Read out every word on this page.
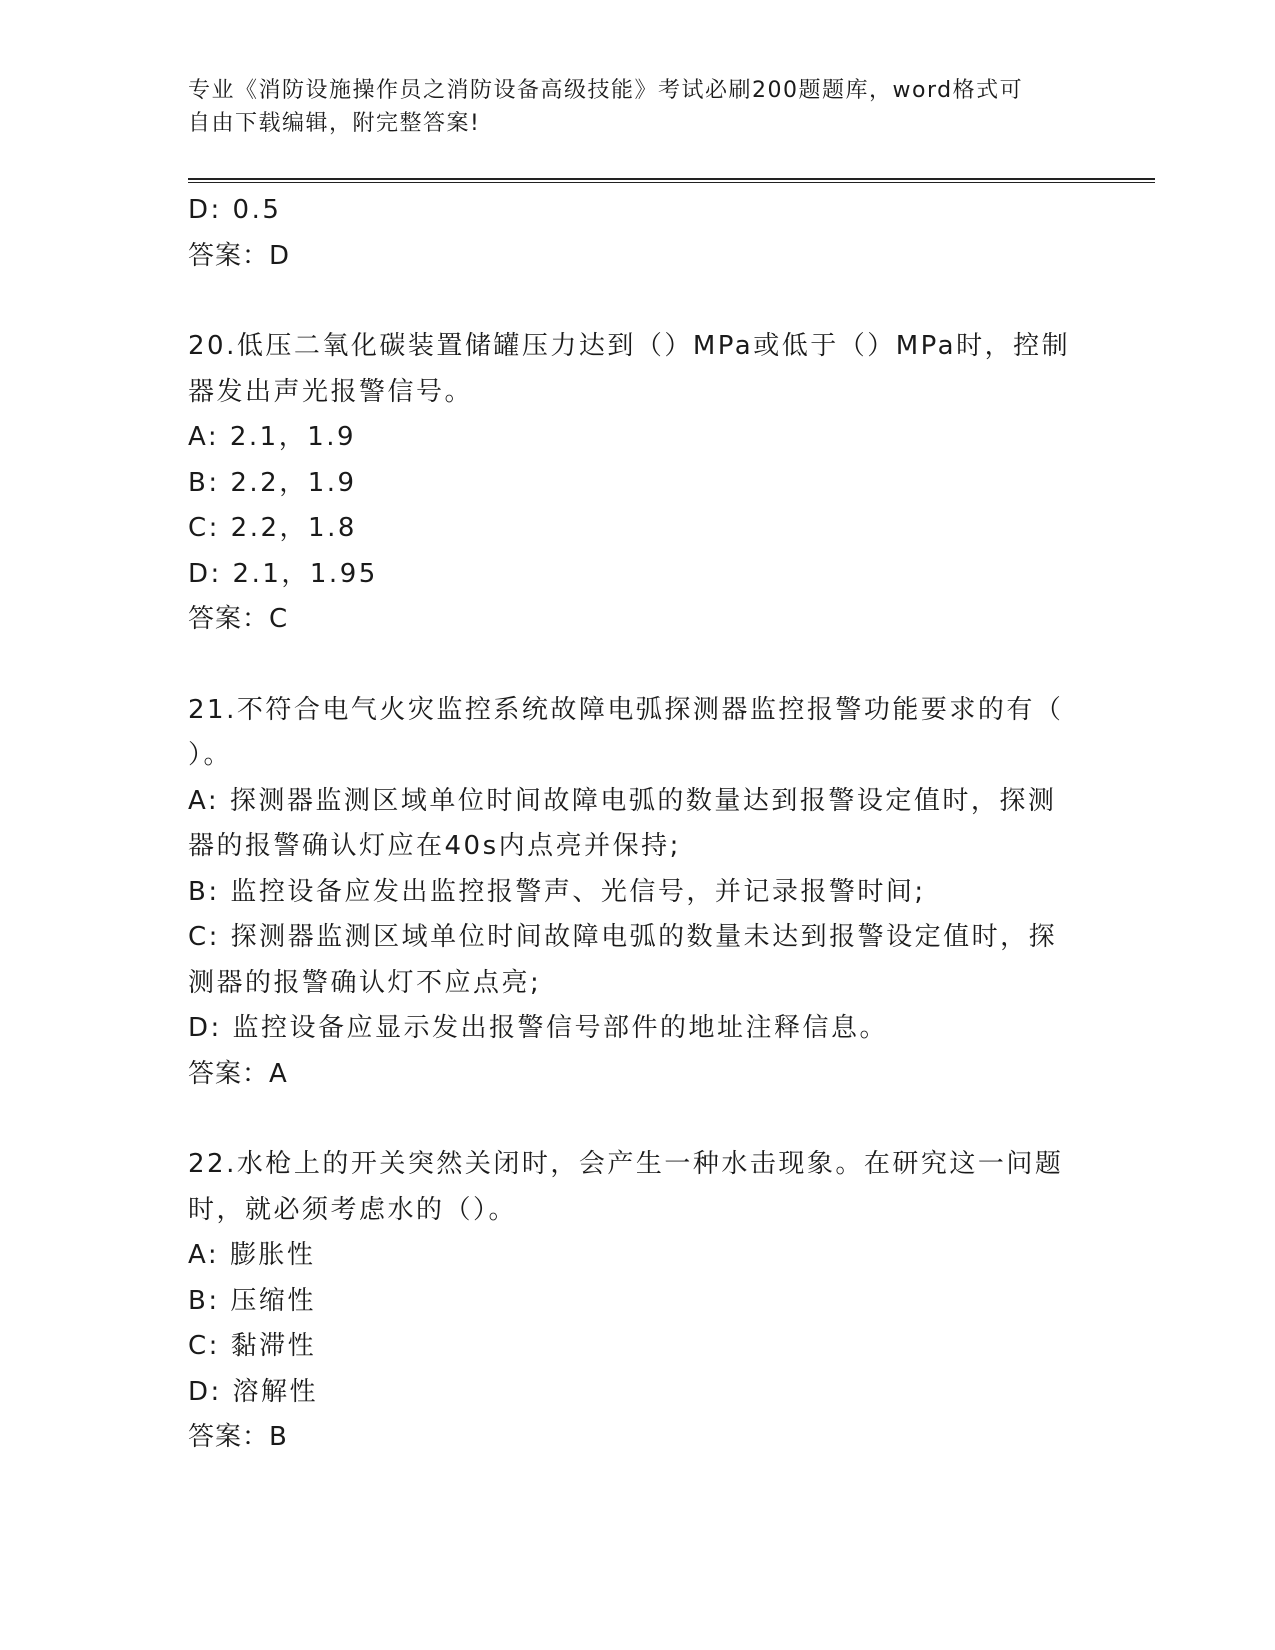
专业《消防设施操作员之消防设备高级技能》考试必刷200题题库，word格式可
自由下载编辑，附完整答案!
D: 0.5
答案：D
20.低压二氧化碳装置储罐压力达到（）MPa或低于（）MPa时，控制
器发出声光报警信号。
A: 2.1，1.9
B: 2.2，1.9
C: 2.2，1.8
D: 2.1，1.95
答案：C
21.不符合电气火灾监控系统故障电弧探测器监控报警功能要求的有（
）。
A: 探测器监测区域单位时间故障电弧的数量达到报警设定值时，探测
器的报警确认灯应在40s内点亮并保持;
B: 监控设备应发出监控报警声、光信号，并记录报警时间;
C: 探测器监测区域单位时间故障电弧的数量未达到报警设定值时，探
测器的报警确认灯不应点亮;
D: 监控设备应显示发出报警信号部件的地址注释信息。
答案：A
22.水枪上的开关突然关闭时，会产生一种水击现象。在研究这一问题
时，就必须考虑水的（）。
A: 膨胀性
B: 压缩性
C: 黏滞性
D: 溶解性
答案：B
